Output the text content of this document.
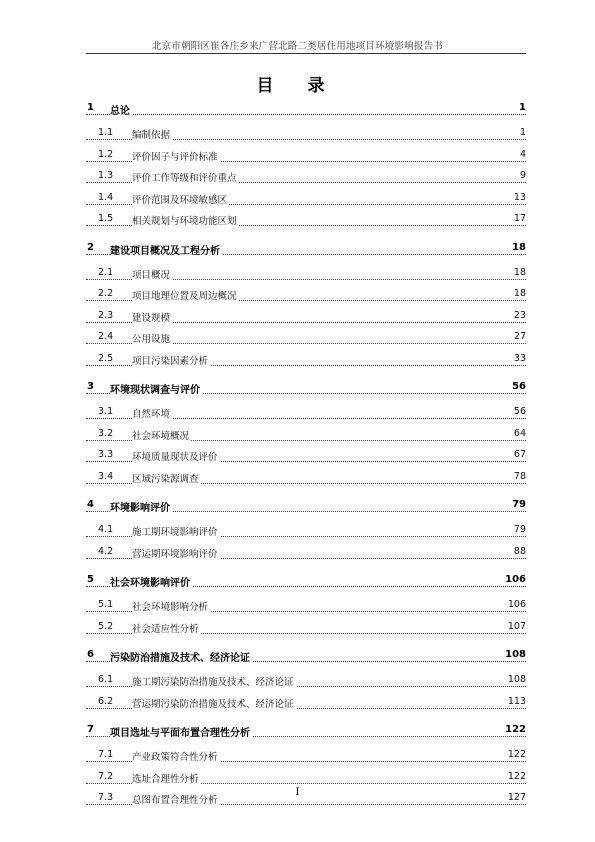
北京市朝阳区崔各庄乡来广营北路二类居住用地项目环境影响报告书
目 录
1 总论	1
1.1 编制依据	1
1.2 评价因子与评价标准	4
1.3 评价工作等级和评价重点	9
1.4 评价范围及环境敏感区	13
1.5 相关规划与环境功能区划	17
2 建设项目概况及工程分析	18
2.1 项目概况	18
2.2 项目地理位置及周边概况	18
2.3 建设规模	23
2.4 公用设施	27
2.5 项目污染因素分析	33
3 环境现状调查与评价	56
3.1 自然环境	56
3.2 社会环境概况	64
3.3 环境质量现状及评价	67
3.4 区域污染源调查	78
4 环境影响评价	79
4.1 施工期环境影响评价	79
4.2 营运期环境影响评价	88
5 社会环境影响评价	106
5.1 社会环境影响分析	106
5.2 社会适应性分析	107
6 污染防治措施及技术、经济论证	108
6.1 施工期污染防治措施及技术、经济论证	108
6.2 营运期污染防治措施及技术、经济论证	113
7 项目选址与平面布置合理性分析	122
7.1 产业政策符合性分析	122
7.2 选址合理性分析	122
7.3 总图布置合理性分析	127
I
